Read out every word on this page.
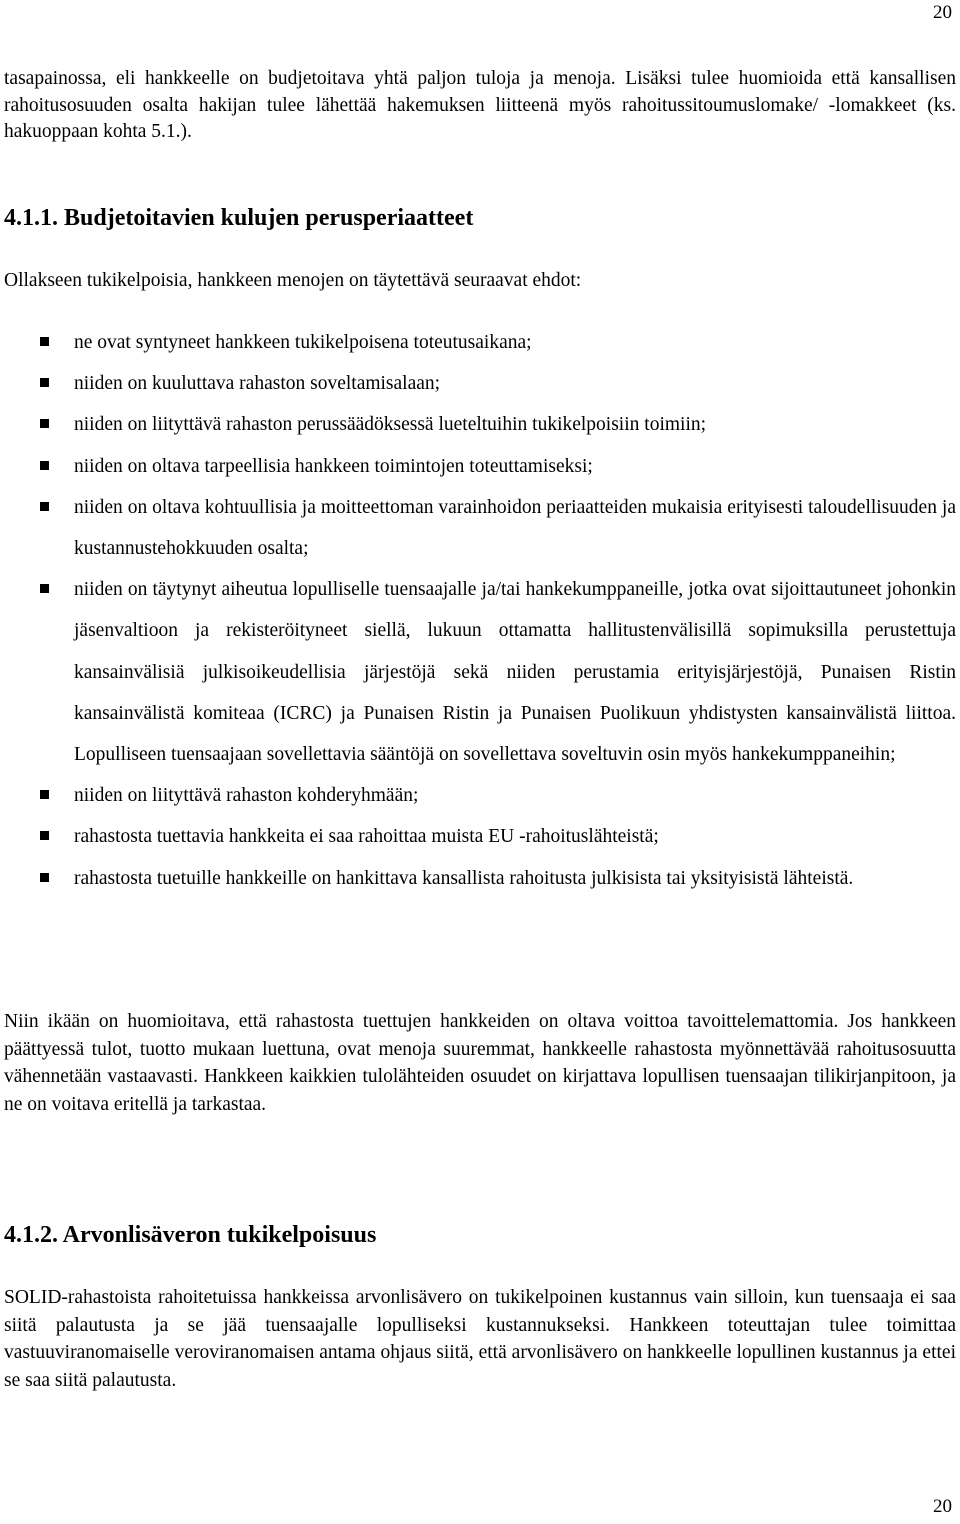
20

tasapainossa, eli hankkeelle on budjetoitava yhtä paljon tuloja ja menoja. Lisäksi tulee huomioida että kansallisen rahoitusosuuden osalta hakijan tulee lähettää hakemuksen liitteenä myös rahoitussitoumuslomake/ -lomakkeet (ks. hakuoppaan kohta 5.1.).

4.1.1. Budjetoitavien kulujen perusperiaatteet

Ollakseen tukikelpoisia, hankkeen menojen on täytettävä seuraavat ehdot:

ne ovat syntyneet hankkeen tukikelpoisena toteutusaikana;
niiden on kuuluttava rahaston soveltamisalaan;
niiden on liityttävä rahaston perussäädöksessä lueteltuihin tukikelpoisiin toimiin;
niiden on oltava tarpeellisia hankkeen toimintojen toteuttamiseksi;
niiden on oltava kohtuullisia ja moitteettoman varainhoidon periaatteiden mukaisia erityisesti taloudellisuuden ja kustannustehokkuuden osalta;
niiden on täytynyt aiheutua lopulliselle tuensaajalle ja/tai hankekumppaneille, jotka ovat sijoittautuneet johonkin jäsenvaltioon ja rekisteröityneet siellä, lukuun ottamatta hallitustenvälisillä sopimuksilla perustettuja kansainvälisiä julkisoikeudellisia järjestöjä sekä niiden perustamia erityisjärjestöjä, Punaisen Ristin kansainvälistä komiteaa (ICRC) ja Punaisen Ristin ja Punaisen Puolikuun yhdistysten kansainvälistä liittoa. Lopulliseen tuensaajaan sovellettavia sääntöjä on sovellettava soveltuvin osin myös hankekumppaneihin;
niiden on liityttävä rahaston kohderyhmään;
rahastosta tuettavia hankkeita ei saa rahoittaa muista EU -rahoituslähteistä;
rahastosta tuetuille hankkeille on hankittava kansallista rahoitusta julkisista tai yksityisistä lähteistä.

Niin ikään on huomioitava, että rahastosta tuettujen hankkeiden on oltava voittoa tavoittelemattomia. Jos hankkeen päättyessä tulot, tuotto mukaan luettuna, ovat menoja suuremmat, hankkeelle rahastosta myönnettävää rahoitusosuutta vähennetään vastaavasti. Hankkeen kaikkien tulolähteiden osuudet on kirjattava lopullisen tuensaajan tilikirjanpitoon, ja ne on voitava eritellä ja tarkastaa.

4.1.2. Arvonlisäveron tukikelpoisuus

SOLID-rahastoista rahoitetuissa hankkeissa arvonlisävero on tukikelpoinen kustannus vain silloin, kun tuensaaja ei saa siitä palautusta ja se jää tuensaajalle lopulliseksi kustannukseksi. Hankkeen toteuttajan tulee toimittaa vastuuviranomaiselle veroviranomaisen antama ohjaus siitä, että arvonlisävero on hankkeelle lopullinen kustannus ja ettei se saa siitä palautusta.

20
